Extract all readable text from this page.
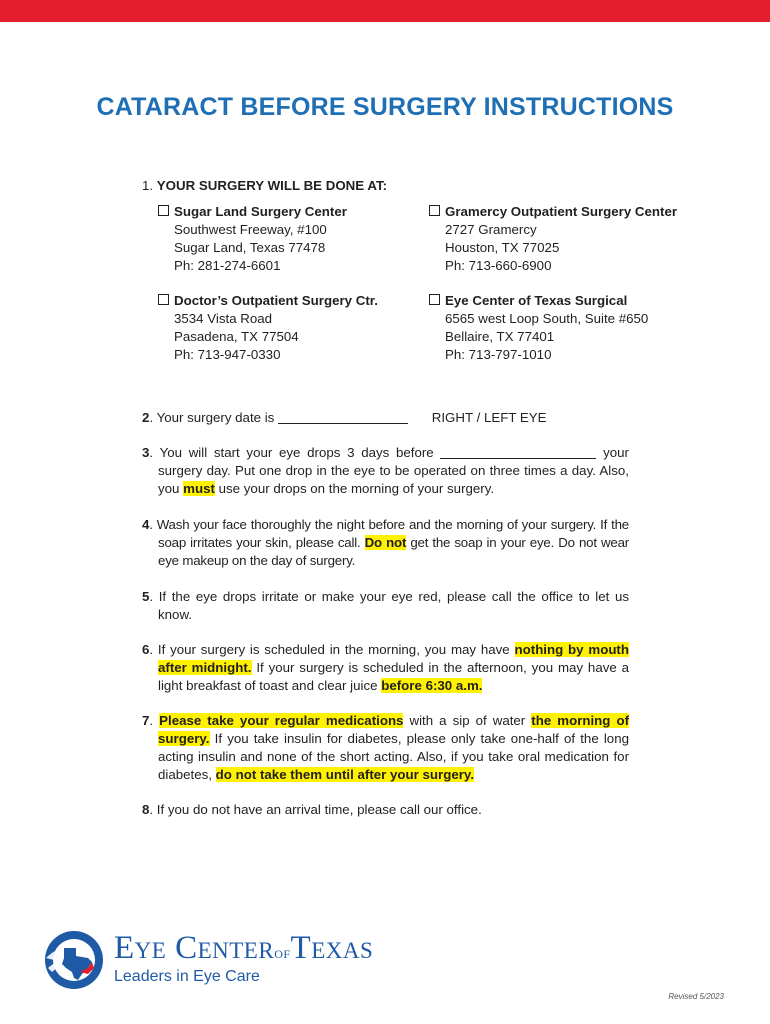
CATARACT BEFORE SURGERY INSTRUCTIONS
1. YOUR SURGERY WILL BE DONE AT:
Sugar Land Surgery Center
Southwest Freeway, #100
Sugar Land, Texas 77478
Ph: 281-274-6601
Gramercy Outpatient Surgery Center
2727 Gramercy
Houston, TX 77025
Ph: 713-660-6900
Doctor’s Outpatient Surgery Ctr.
3534 Vista Road
Pasadena, TX 77504
Ph: 713-947-0330
Eye Center of Texas Surgical
6565 west Loop South, Suite #650
Bellaire, TX 77401
Ph: 713-797-1010
2. Your surgery date is	RIGHT / LEFT EYE
3. You will start your eye drops 3 days before	your surgery day. Put one drop in the eye to be operated on three times a day. Also, you must use your drops on the morning of your surgery.
4. Wash your face thoroughly the night before and the morning of your surgery. If the soap irritates your skin, please call. Do not get the soap in your eye. Do not wear eye makeup on the day of surgery.
5. If the eye drops irritate or make your eye red, please call the office to let us know.
6. If your surgery is scheduled in the morning, you may have nothing by mouth after midnight. If your surgery is scheduled in the afternoon, you may have a light breakfast of toast and clear juice before 6:30 a.m.
7. Please take your regular medications with a sip of water the morning of surgery. If you take insulin for diabetes, please only take one-half of the long acting insulin and none of the short acting. Also, if you take oral medication for diabetes, do not take them until after your surgery.
8. If you do not have an arrival time, please call our office.
Eye CenterofTexas
Leaders in Eye Care
Revised 5/2023
